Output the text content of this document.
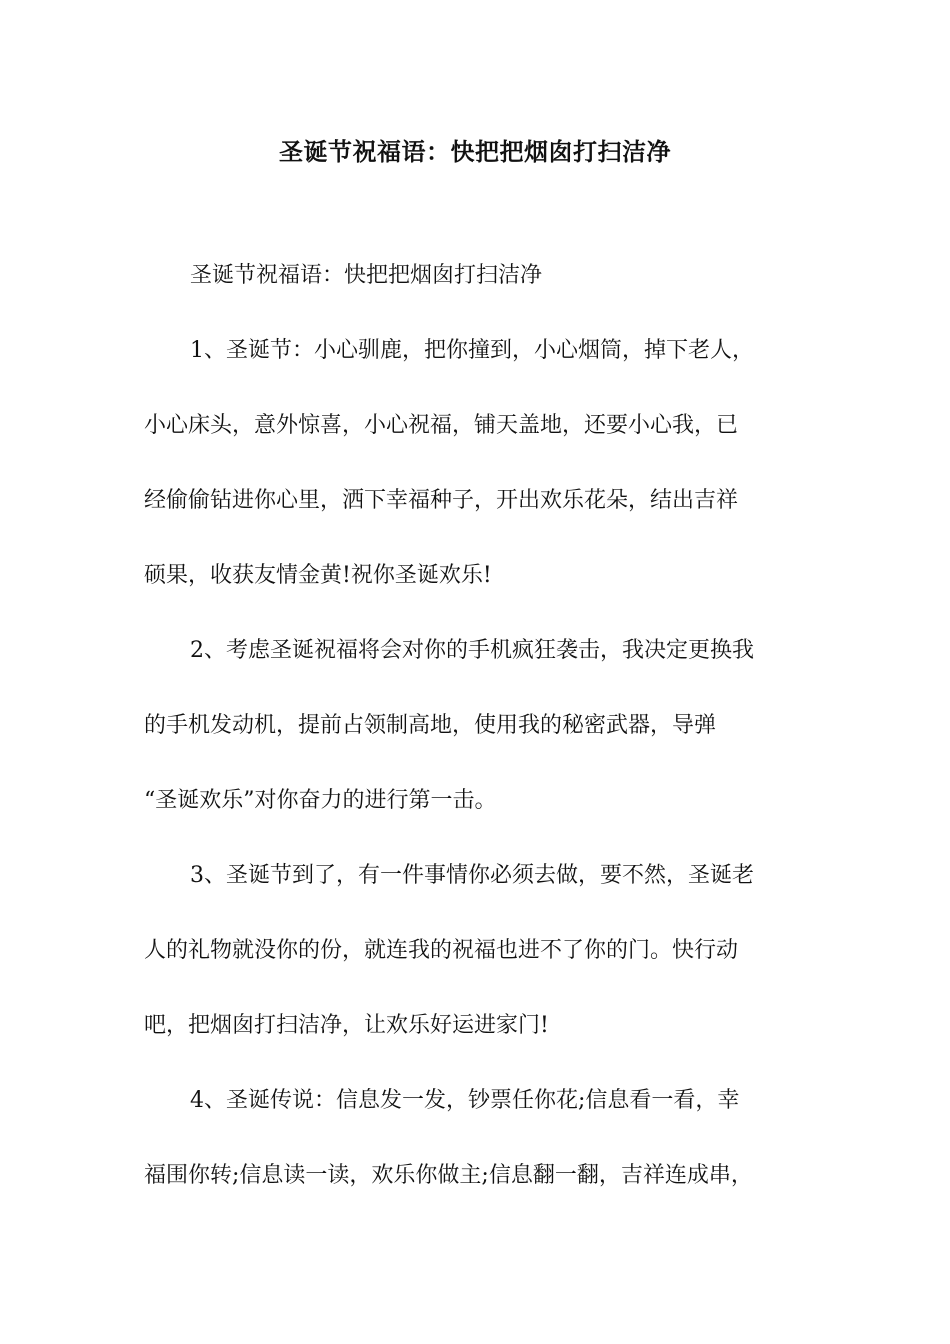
圣诞节祝福语：快把把烟囱打扫洁净
圣诞节祝福语：快把把烟囱打扫洁净
1、圣诞节：小心驯鹿，把你撞到，小心烟筒，掉下老人，
小心床头，意外惊喜，小心祝福，铺天盖地，还要小心我，已
经偷偷钻进你心里，洒下幸福种子，开出欢乐花朵，结出吉祥
硕果，收获友情金黄!祝你圣诞欢乐!
2、考虑圣诞祝福将会对你的手机疯狂袭击，我决定更换我
的手机发动机，提前占领制高地，使用我的秘密武器，导弹
“圣诞欢乐”对你奋力的进行第一击。
3、圣诞节到了，有一件事情你必须去做，要不然，圣诞老
人的礼物就没你的份，就连我的祝福也进不了你的门。快行动
吧，把烟囱打扫洁净，让欢乐好运进家门!
4、圣诞传说：信息发一发，钞票任你花;信息看一看，幸
福围你转;信息读一读，欢乐你做主;信息翻一翻，吉祥连成串，
